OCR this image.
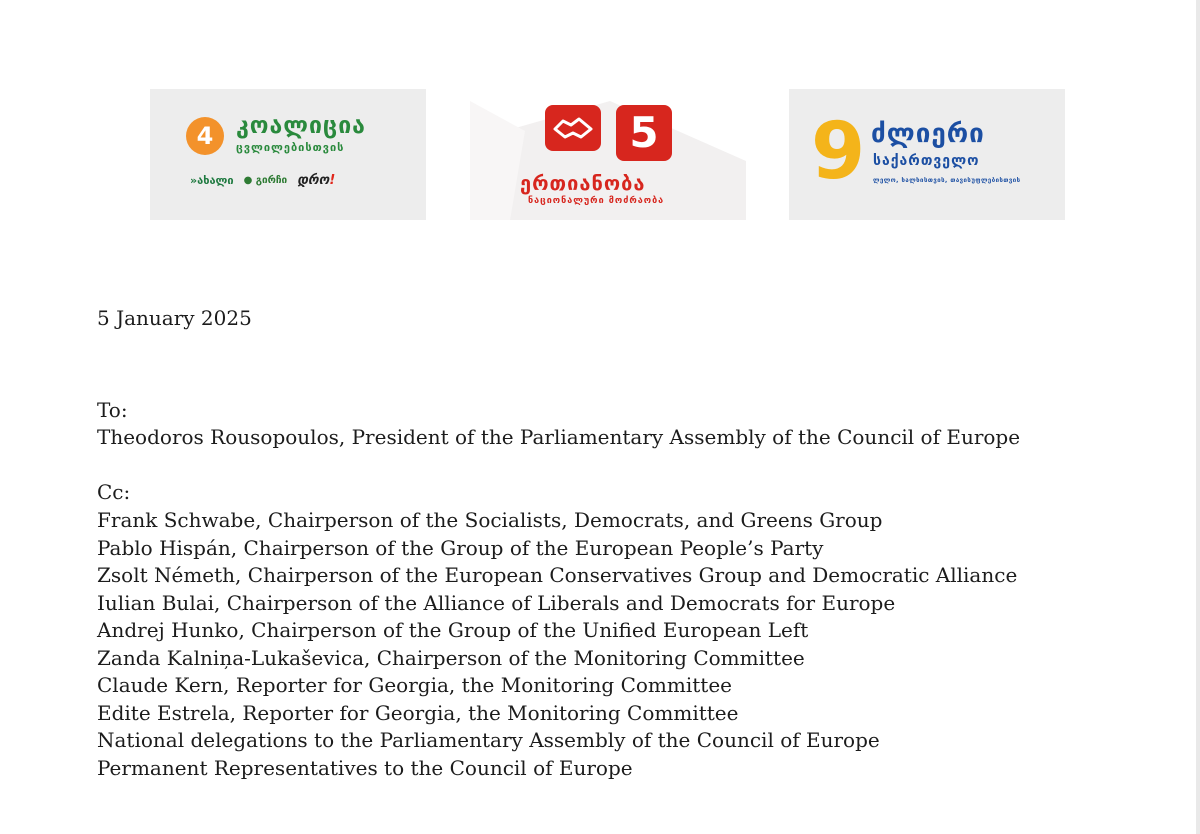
4 კოალიცია
ცვლილებისთვის
»ახალი ● გირჩი დრო!
5
ერთიანობა
ნაციონალური მოძრაობა
9 ძლიერი
საქართველო
ლელო, ხალხისთვის, თავისუფლებისთვის
5 January 2025
To:
Theodoros Rousopoulos, President of the Parliamentary Assembly of the Council of Europe
Cc:
Frank Schwabe, Chairperson of the Socialists, Democrats, and Greens Group
Pablo Hispán, Chairperson of the Group of the European People’s Party
Zsolt Németh, Chairperson of the European Conservatives Group and Democratic Alliance
Iulian Bulai, Chairperson of the Alliance of Liberals and Democrats for Europe
Andrej Hunko, Chairperson of the Group of the Unified European Left
Zanda Kalniņa-Lukaševica, Chairperson of the Monitoring Committee
Claude Kern, Reporter for Georgia, the Monitoring Committee
Edite Estrela, Reporter for Georgia, the Monitoring Committee
National delegations to the Parliamentary Assembly of the Council of Europe
Permanent Representatives to the Council of Europe
